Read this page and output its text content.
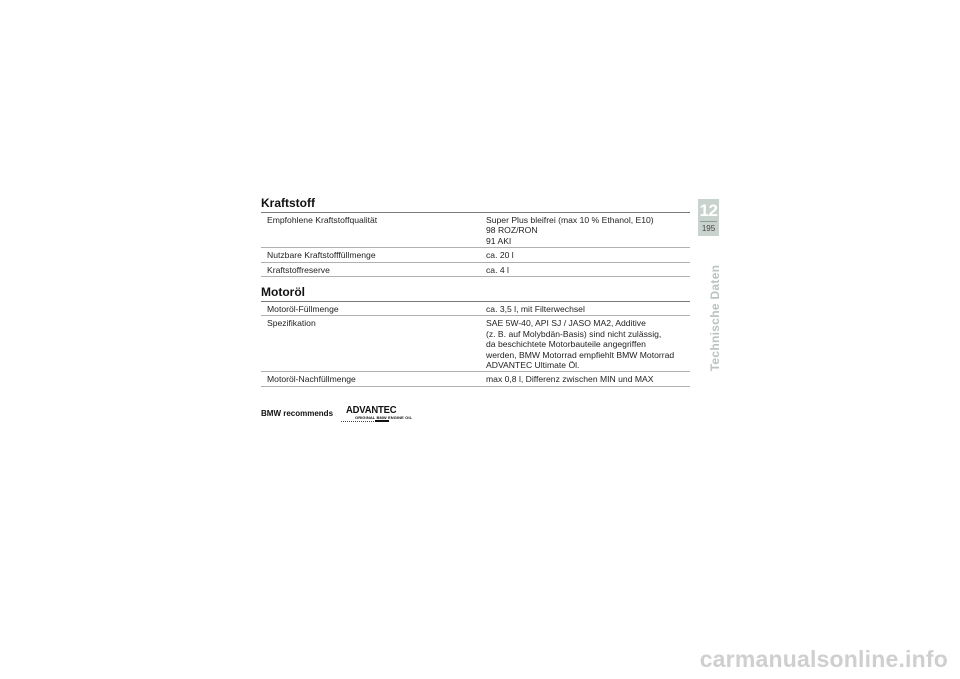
Kraftstoff
Empfohlene Kraftstoffqualität	Super Plus bleifrei (max 10 % Ethanol, E10)
98 ROZ/RON
91 AKI

Nutzbare Kraftstofffüllmenge	ca. 20 l

Kraftstoffreserve	ca. 4 l
Motoröl
Motoröl-Füllmenge	ca. 3,5 l, mit Filterwechsel

Spezifikation	SAE 5W-40, API SJ / JASO MA2, Additive
(z. B. auf Molybdän-Basis) sind nicht zulässig,
da beschichtete Motorbauteile angegriffen
werden, BMW Motorrad empfiehlt BMW Motorrad
ADVANTEC Ultimate Öl.

Motoröl-Nachfüllmenge	max 0,8 l, Differenz zwischen MIN und MAX
BMW recommends ADVANTEC
ORIGINAL BMW ENGINE OIL
12
195
Technische Daten
carmanualsonline.info
